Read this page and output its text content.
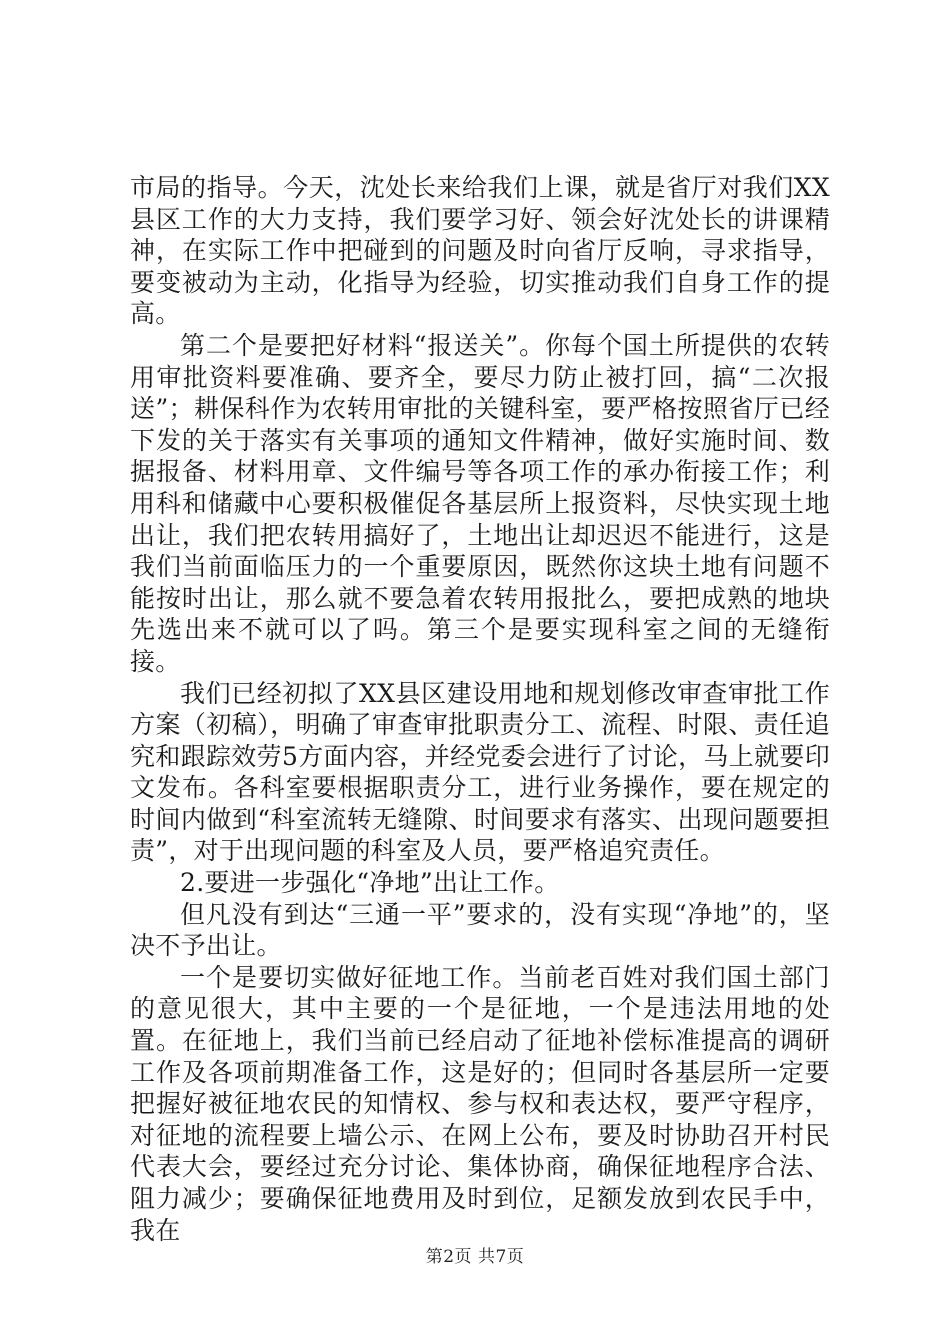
市局的指导。今天，沈处长来给我们上课，就是省厅对我们XX县区工作的大力支持，我们要学习好、领会好沈处长的讲课精神，在实际工作中把碰到的问题及时向省厅反响，寻求指导，要变被动为主动，化指导为经验，切实推动我们自身工作的提高。

第二个是要把好材料“报送关”。你每个国土所提供的农转用审批资料要准确、要齐全，要尽力防止被打回，搞“二次报送”；耕保科作为农转用审批的关键科室，要严格按照省厅已经下发的关于落实有关事项的通知文件精神，做好实施时间、数据报备、材料用章、文件编号等各项工作的承办衔接工作；利用科和储藏中心要积极催促各基层所上报资料，尽快实现土地出让，我们把农转用搞好了，土地出让却迟迟不能进行，这是我们当前面临压力的一个重要原因，既然你这块土地有问题不能按时出让，那么就不要急着农转用报批么，要把成熟的地块先选出来不就可以了吗。第三个是要实现科室之间的无缝衔接。

我们已经初拟了XX县区建设用地和规划修改审查审批工作方案（初稿），明确了审查审批职责分工、流程、时限、责任追究和跟踪效劳5方面内容，并经党委会进行了讨论，马上就要印文发布。各科室要根据职责分工，进行业务操作，要在规定的时间内做到“科室流转无缝隙、时间要求有落实、出现问题要担责”，对于出现问题的科室及人员，要严格追究责任。

2.要进一步强化“净地”出让工作。

但凡没有到达“三通一平”要求的，没有实现“净地”的，坚决不予出让。

一个是要切实做好征地工作。当前老百姓对我们国土部门的意见很大，其中主要的一个是征地，一个是违法用地的处置。在征地上，我们当前已经启动了征地补偿标准提高的调研工作及各项前期准备工作，这是好的；但同时各基层所一定要把握好被征地农民的知情权、参与权和表达权，要严守程序，对征地的流程要上墙公示、在网上公布，要及时协助召开村民代表大会，要经过充分讨论、集体协商，确保征地程序合法、阻力减少；要确保征地费用及时到位，足额发放到农民手中，我在

第2页 共7页
